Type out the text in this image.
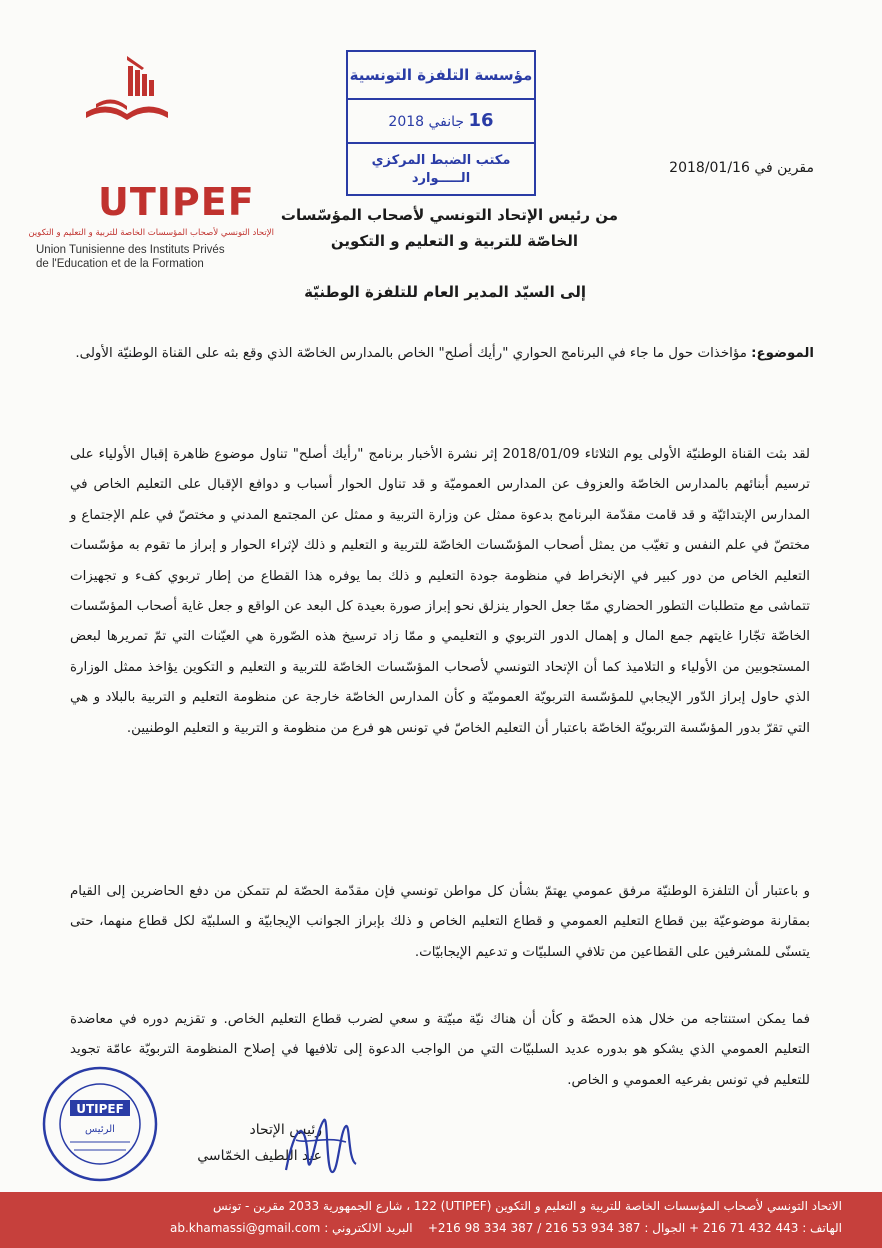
UTIPEF
الإتحاد التونسي لأصحاب المؤسسات الخاصة للتربية و التعليم و التكوين
Union Tunisienne des Instituts Privés
de l'Education et de la Formation
مؤسسة التلفزة التونسية
16 جانفي 2018
مكتب الضبط المركزي
الـــــوارد
مقرين في 2018/01/16
من رئيس الإتحاد التونسي لأصحاب المؤسّسات
الخاصّة للتربية و التعليم و التكوين
إلى السيّد المدير العام للتلفزة الوطنيّة
الموضوع: مؤاخذات حول ما جاء في البرنامج الحواري "رأيك أصلح" الخاص بالمدارس الخاصّة الذي وقع بثه على القناة الوطنيّة الأولى.
لقد بثت القناة الوطنيّة الأولى يوم الثلاثاء 2018/01/09 إثر نشرة الأخبار برنامج "رأيك أصلح" تناول موضوع ظاهرة إقبال الأولياء على ترسيم أبنائهم بالمدارس الخاصّة والعزوف عن المدارس العموميّة و قد تناول الحوار أسباب و دوافع الإقبال على التعليم الخاص في المدارس الإبتدائيّة و قد قامت مقدّمة البرنامج بدعوة ممثل عن وزارة التربية و ممثل عن المجتمع المدني و مختصّ في علم الإجتماع و مختصّ في علم النفس و تغيّب من يمثل أصحاب المؤسّسات الخاصّة للتربية و التعليم و ذلك لإثراء الحوار و إبراز ما تقوم به مؤسّسات التعليم الخاص من دور كبير في الإنخراط في منظومة جودة التعليم و ذلك بما يوفره هذا القطاع من إطار تربوي كفء و تجهيزات تتماشى مع متطلبات التطور الحضاري ممّا جعل الحوار ينزلق نحو إبراز صورة بعيدة كل البعد عن الواقع و جعل غاية أصحاب المؤسّسات الخاصّة تجّارا غايتهم جمع المال و إهمال الدور التربوي و التعليمي و ممّا زاد ترسيخ هذه الصّورة هي العيّنات التي تمّ تمريرها لبعض المستجوبين من الأولياء و التلاميذ كما أن الإتحاد التونسي لأصحاب المؤسّسات الخاصّة للتربية و التعليم و التكوين يؤاخذ ممثل الوزارة الذي حاول إبراز الدّور الإيجابي للمؤسّسة التربويّة العموميّة و كأن المدارس الخاصّة خارجة عن منظومة التعليم و التربية بالبلاد و هي التي تقرّ بدور المؤسّسة التربويّة الخاصّة باعتبار أن التعليم الخاصّ في تونس هو فرع من منظومة و التربية و التعليم الوطنيين.
و باعتبار أن التلفزة الوطنيّة مرفق عمومي يهتمّ بشأن كل مواطن تونسي فإن مقدّمة الحصّة لم تتمكن من دفع الحاضرين إلى القيام بمقارنة موضوعيّة بين قطاع التعليم العمومي و قطاع التعليم الخاص و ذلك بإبراز الجوانب الإيجابيّة و السلبيّة لكل قطاع منهما، حتى يتسنّى للمشرفين على القطاعين من تلافي السلبيّات و تدعيم الإيجابيّات.
فما يمكن استنتاجه من خلال هذه الحصّة و كأن أن هناك نيّة مبيّتة و سعي لضرب قطاع التعليم الخاص. و تقزيم دوره في معاضدة التعليم العمومي الذي يشكو هو بدوره عديد السلبيّات التي من الواجب الدعوة إلى تلافيها في إصلاح المنظومة التربويّة عامّة تجويد للتعليم في تونس بفرعيه العمومي و الخاص.
UTIPEF
الرئيس	رئيس الإتحاد
عبد اللطيف الخمّاسي
الاتحاد التونسي لأصحاب المؤسسات الخاصة للتربية و التعليم و التكوين (UTIPEF) 122 ، شارع الجمهورية 2033 مقرين - تونس
الهاتف : 443 432 71 216 + الجوال : 387 934 53 216 / 387 334 98 216+    البريد الالكتروني : ab.khamassi@gmail.com
